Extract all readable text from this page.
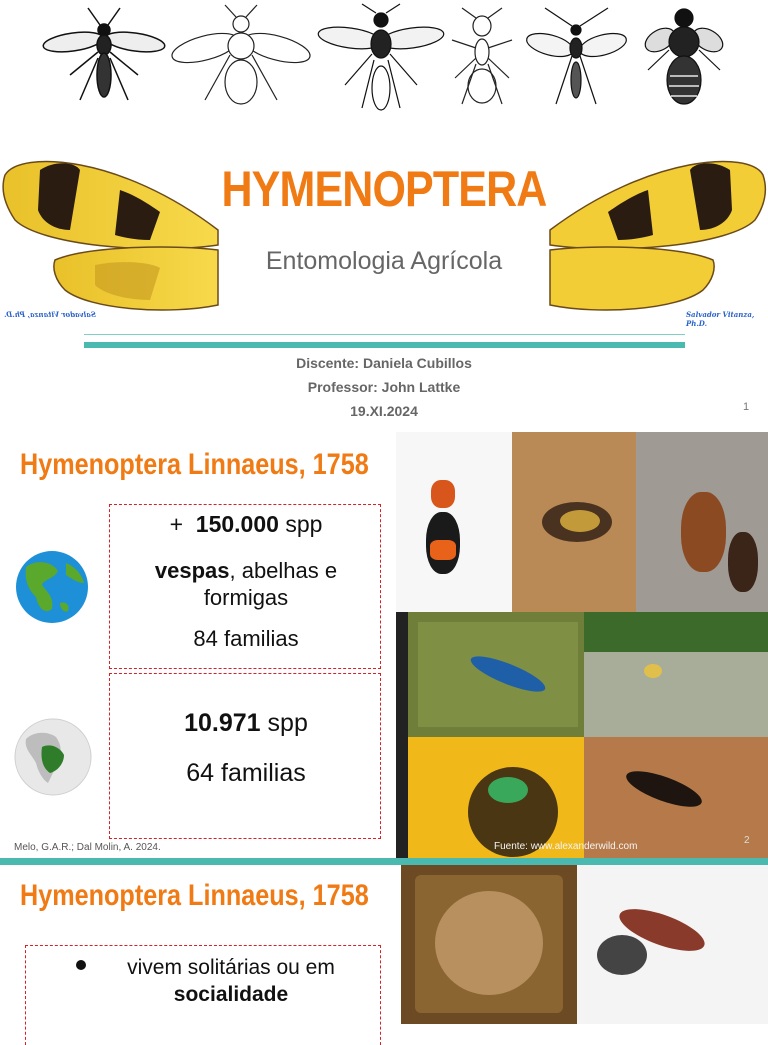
Salvador Vitanza, Ph.D.	Salvador Vitanza, Ph.D.
HYMENOPTERA
Entomologia Agrícola
Discente: Daniela Cubillos
Professor: John Lattke
19.XI.2024	1
Hymenoptera Linnaeus, 1758
+ 150.000 spp
vespas, abelhas e
formigas
84 familias
10.971 spp
64 familias
Melo, G.A.R.; Dal Molin, A. 2024.	Fuente: www.alexanderwild.com
2
Hymenoptera Linnaeus, 1758
vivem solitárias ou em
socialidade
